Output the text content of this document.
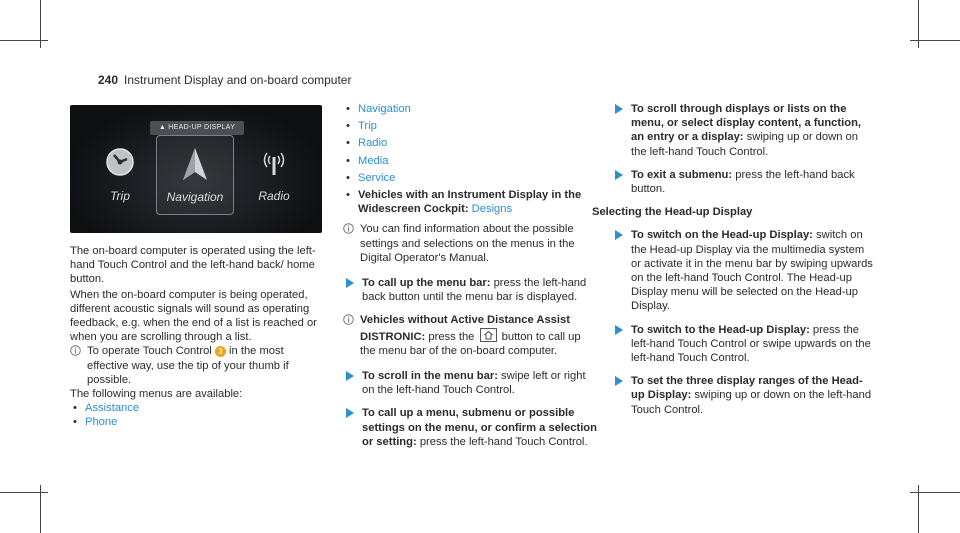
240 Instrument Display and on-board computer
▲ HEAD-UP DISPLAY
Trip	Navigation	Radio

The on-board computer is operated using the left-hand Touch Control and the left-hand back/ home button.

When the on-board computer is being operated, different acoustic signals will sound as operating feedback, e.g. when the end of a list is reached or when you are scrolling through a list.

To operate Touch Control 3 in the most effective way, use the tip of your thumb if possible.

The following menus are available:

• Assistance
• Phone
• Navigation
• Trip
• Radio
• Media
• Service
• Vehicles with an Instrument Display in the Widescreen Cockpit: Designs
You can find information about the possible settings and selections on the menus in the Digital Operator's Manual.
To call up the menu bar: press the left-hand back button until the menu bar is displayed.
Vehicles without Active Distance Assist DISTRONIC: press the button to call up the menu bar of the on-board computer.
To scroll in the menu bar: swipe left or right on the left-hand Touch Control.
To call up a menu, submenu or possible settings on the menu, or confirm a selection or setting: press the left-hand Touch Control.
To scroll through displays or lists on the menu, or select display content, a function, an entry or a display: swiping up or down on the left-hand Touch Control.
To exit a submenu: press the left-hand back button.

Selecting the Head-up Display

To switch on the Head-up Display: switch on the Head-up Display via the multimedia system or activate it in the menu bar by swiping upwards on the left-hand Touch Control. The Head-up Display menu will be selected on the Head-up Display.
To switch to the Head-up Display: press the left-hand Touch Control or swipe upwards on the left-hand Touch Control.
To set the three display ranges of the Head-up Display: swiping up or down on the left-hand Touch Control.
